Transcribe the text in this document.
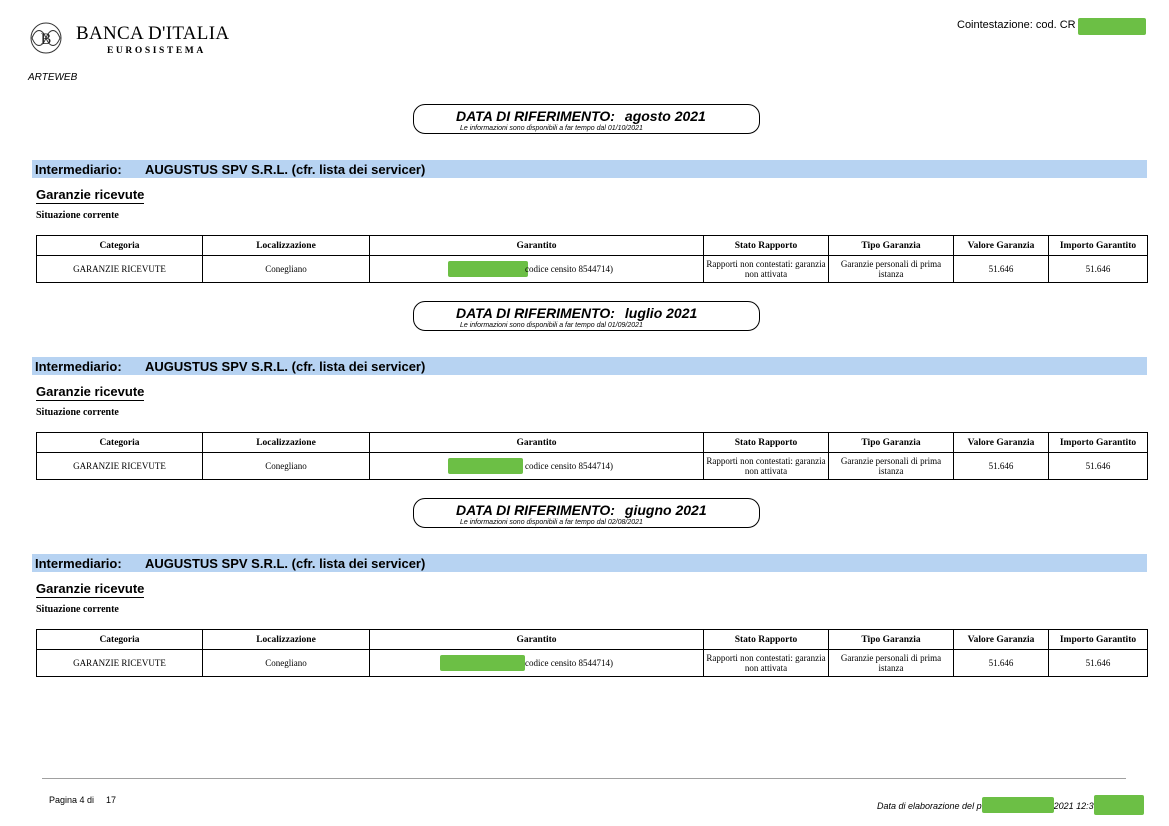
B BANCA D'ITALIA
EUROSISTEMA
ARTEWEB
Cointestazione: cod. CR
DATA DI RIFERIMENTO: agosto 2021
Le informazioni sono disponibili a far tempo dal 01/10/2021
Intermediario: AUGUSTUS SPV S.R.L. (cfr. lista dei servicer)
Garanzie ricevute
Situazione corrente
Categoria	Localizzazione	Garantito	Stato Rapporto	Tipo Garanzia	Valore Garanzia	Importo Garantito
GARANZIE RICEVUTE	Conegliano	codice censito 8544714)	Rapporti non contestati: garanzia non attivata	Garanzie personali di prima istanza	51.646	51.646
DATA DI RIFERIMENTO: luglio 2021
Le informazioni sono disponibili a far tempo dal 01/09/2021
Intermediario: AUGUSTUS SPV S.R.L. (cfr. lista dei servicer)
Garanzie ricevute
Situazione corrente
Categoria	Localizzazione	Garantito	Stato Rapporto	Tipo Garanzia	Valore Garanzia	Importo Garantito
GARANZIE RICEVUTE	Conegliano	codice censito 8544714)	Rapporti non contestati: garanzia non attivata	Garanzie personali di prima istanza	51.646	51.646
DATA DI RIFERIMENTO: giugno 2021
Le informazioni sono disponibili a far tempo dal 02/08/2021
Intermediario: AUGUSTUS SPV S.R.L. (cfr. lista dei servicer)
Garanzie ricevute
Situazione corrente
Categoria	Localizzazione	Garantito	Stato Rapporto	Tipo Garanzia	Valore Garanzia	Importo Garantito
GARANZIE RICEVUTE	Conegliano	codice censito 8544714)	Rapporti non contestati: garanzia non attivata	Garanzie personali di prima istanza	51.646	51.646
Pagina 4 di 17
Data di elaborazione del p	2021 12:3
